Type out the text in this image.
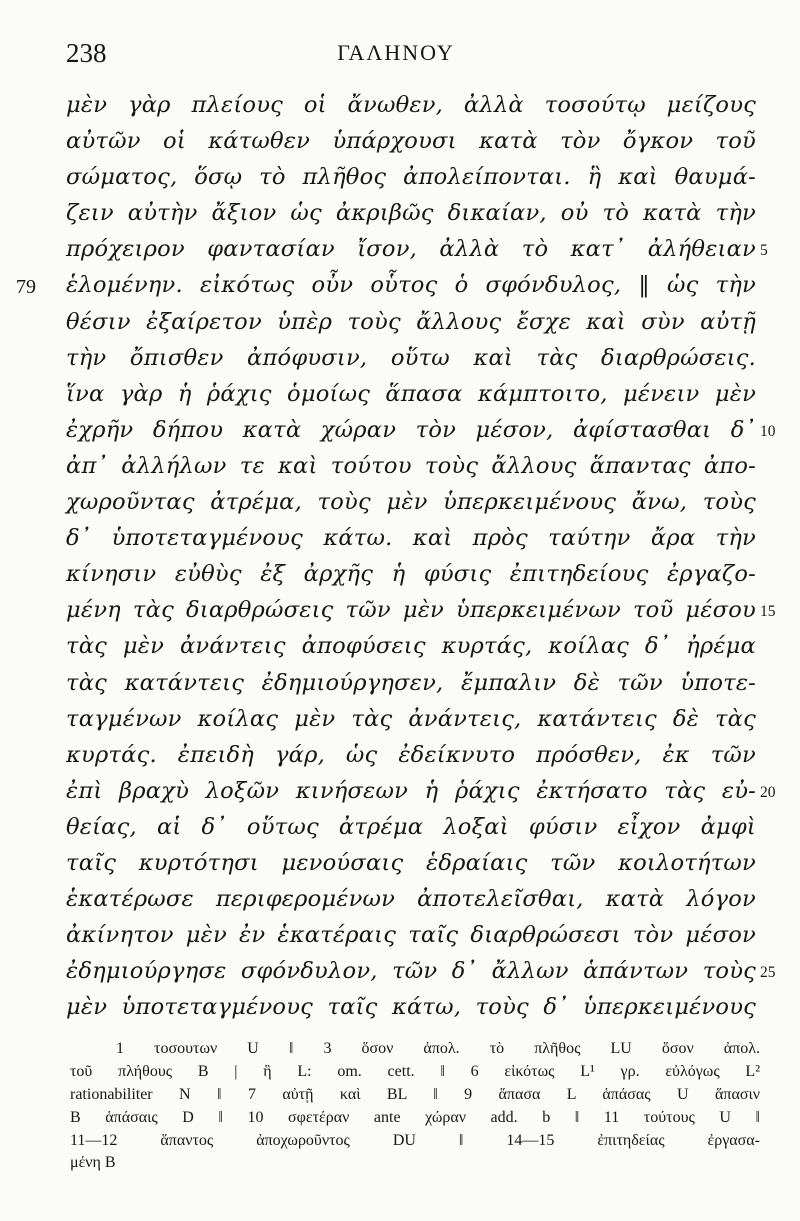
238	ΓΑΛΗΝΟΥ
μὲν γὰρ πλείους οἱ ἄνωθεν, ἀλλὰ τοσούτῳ μείζους
αὐτῶν οἱ κάτωθεν ὑπάρχουσι κατὰ τὸν ὄγκον τοῦ
σώματος, ὅσῳ τὸ πλῆθος ἀπολείπονται. ἣ καὶ θαυμά-
ζειν αὐτὴν ἄξιον ὡς ἀκριβῶς δικαίαν, οὐ τὸ κατὰ τὴν
πρόχειρον φαντασίαν ἴσον, ἀλλὰ τὸ κατ᾽ ἀλήθειαν 5
79 ἑλομένην. εἰκότως οὖν οὗτος ὁ σφόνδυλος, ‖ ὡς τὴν
θέσιν ἐξαίρετον ὑπὲρ τοὺς ἄλλους ἔσχε καὶ σὺν αὐτῇ
τὴν ὄπισθεν ἀπόφυσιν, οὕτω καὶ τὰς διαρθρώσεις.
ἵνα γὰρ ἡ ῥάχις ὁμοίως ἅπασα κάμπτοιτο, μένειν μὲν
ἐχρῆν δήπου κατὰ χώραν τὸν μέσον, ἀφίστασθαι δ᾽ 10
ἀπ᾽ ἀλλήλων τε καὶ τούτου τοὺς ἄλλους ἅπαντας ἀπο-
χωροῦντας ἀτρέμα, τοὺς μὲν ὑπερκειμένους ἄνω, τοὺς
δ᾽ ὑποτεταγμένους κάτω. καὶ πρὸς ταύτην ἄρα τὴν
κίνησιν εὐθὺς ἐξ ἀρχῆς ἡ φύσις ἐπιτηδείους ἐργαζο-
μένη τὰς διαρθρώσεις τῶν μὲν ὑπερκειμένων τοῦ μέσου 15
τὰς μὲν ἀνάντεις ἀποφύσεις κυρτάς, κοίλας δ᾽ ἠρέμα
τὰς κατάντεις ἐδημιούργησεν, ἔμπαλιν δὲ τῶν ὑποτε-
ταγμένων κοίλας μὲν τὰς ἀνάντεις, κατάντεις δὲ τὰς
κυρτάς. ἐπειδὴ γάρ, ὡς ἐδείκνυτο πρόσθεν, ἐκ τῶν
ἐπὶ βραχὺ λοξῶν κινήσεων ἡ ῥάχις ἐκτήσατο τὰς εὐ- 20
θείας, αἱ δ᾽ οὕτως ἀτρέμα λοξαὶ φύσιν εἶχον ἀμφὶ
ταῖς κυρτότησι μενούσαις ἑδραίαις τῶν κοιλοτήτων
ἑκατέρωσε περιφερομένων ἀποτελεῖσθαι, κατὰ λόγον
ἀκίνητον μὲν ἐν ἑκατέραις ταῖς διαρθρώσεσι τὸν μέσον
ἐδημιούργησε σφόνδυλον, τῶν δ᾽ ἄλλων ἁπάντων τοὺς 25
μὲν ὑποτεταγμένους ταῖς κάτω, τοὺς δ᾽ ὑπερκειμένους
1 τοσουτων U ‖ 3 ὅσον ἀπολ. τὸ πλῆθος LU ὅσον ἀπολ.
τοῦ πλήθους B | ἣ L: om. cett. ‖ 6 εἰκότως L¹ γρ. εὐλόγως L²
rationabiliter N ‖ 7 αὐτῇ καὶ BL ‖ 9 ἅπασα L ἁπάσας U ἅπασιν
B ἁπάσαις D ‖ 10 σφετέραν ante χώραν add. b ‖ 11 τούτους U ‖
11—12 ἅπαντος ἀποχωροῦντος DU ‖ 14—15 ἐπιτηδείας ἐργασα-
μένη B
